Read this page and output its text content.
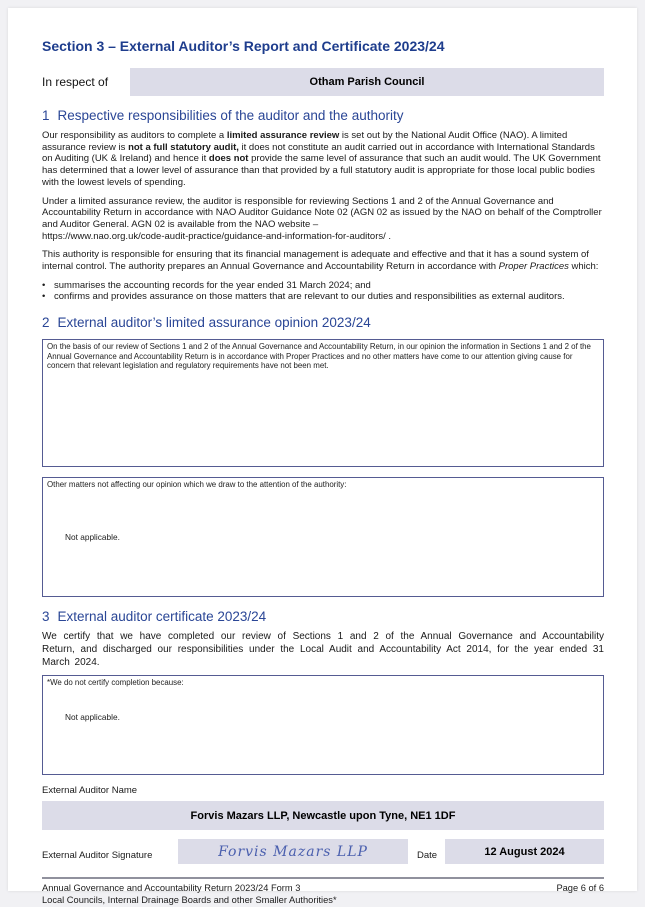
Section 3 – External Auditor’s Report and Certificate 2023/24
In respect of	Otham Parish Council
1 Respective responsibilities of the auditor and the authority

Our responsibility as auditors to complete a limited assurance review is set out by the National Audit Office (NAO). A limited assurance review is not a full statutory audit, it does not constitute an audit carried out in accordance with International Standards on Auditing (UK & Ireland) and hence it does not provide the same level of assurance that such an audit would. The UK Government has determined that a lower level of assurance than that provided by a full statutory audit is appropriate for those local public bodies with the lowest levels of spending.

Under a limited assurance review, the auditor is responsible for reviewing Sections 1 and 2 of the Annual Governance and Accountability Return in accordance with NAO Auditor Guidance Note 02 (AGN 02 as issued by the NAO on behalf of the Comptroller and Auditor General. AGN 02 is available from the NAO website –
https://www.nao.org.uk/code-audit-practice/guidance-and-information-for-auditors/ .

This authority is responsible for ensuring that its financial management is adequate and effective and that it has a sound system of internal control. The authority prepares an Annual Governance and Accountability Return in accordance with Proper Practices which:

• summarises the accounting records for the year ended 31 March 2024; and
• confirms and provides assurance on those matters that are relevant to our duties and responsibilities as external auditors.
2 External auditor’s limited assurance opinion 2023/24
On the basis of our review of Sections 1 and 2 of the Annual Governance and Accountability Return, in our opinion the information in Sections 1 and 2 of the Annual Governance and Accountability Return is in accordance with Proper Practices and no other matters have come to our attention giving cause for concern that relevant legislation and regulatory requirements have not been met.
Other matters not affecting our opinion which we draw to the attention of the authority:
Not applicable.
3 External auditor certificate 2023/24

We certify that we have completed our review of Sections 1 and 2 of the Annual Governance and Accountability Return, and discharged our responsibilities under the Local Audit and Accountability Act 2014, for the year ended 31 March 2024.

*We do not certify completion because:
Not applicable.
External Auditor Name
Forvis Mazars LLP, Newcastle upon Tyne, NE1 1DF
External Auditor Signature	Forvis Mazars LLP	Date	12 August 2024
Annual Governance and Accountability Return 2023/24 Form 3
Local Councils, Internal Drainage Boards and other Smaller Authorities*
Page 6 of 6
